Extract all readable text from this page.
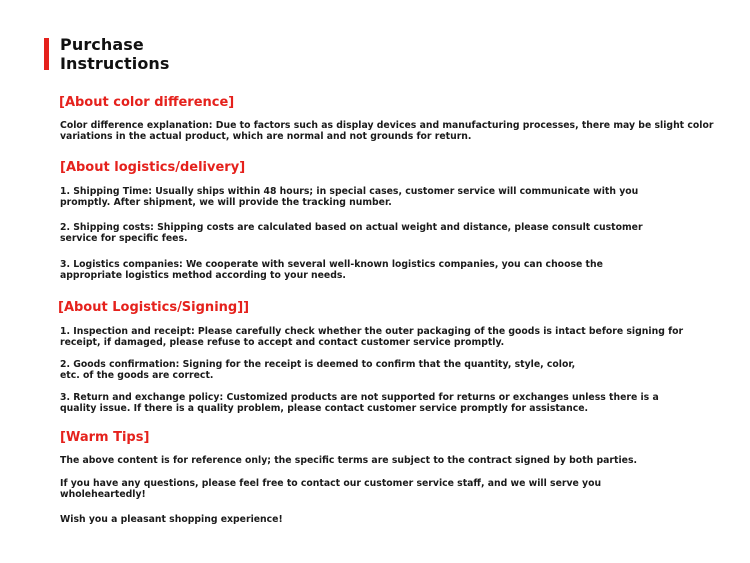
Purchase
Instructions
[About color difference]
Color difference explanation: Due to factors such as display devices and manufacturing processes, there may be slight color
variations in the actual product, which are normal and not grounds for return.
[About logistics/delivery]
1. Shipping Time: Usually ships within 48 hours; in special cases, customer service will communicate with you
promptly. After shipment, we will provide the tracking number.
2. Shipping costs: Shipping costs are calculated based on actual weight and distance, please consult customer
service for specific fees.
3. Logistics companies: We cooperate with several well-known logistics companies, you can choose the
appropriate logistics method according to your needs.
[About Logistics/Signing]]
1. Inspection and receipt: Please carefully check whether the outer packaging of the goods is intact before signing for
receipt, if damaged, please refuse to accept and contact customer service promptly.
2. Goods confirmation: Signing for the receipt is deemed to confirm that the quantity, style, color,
etc. of the goods are correct.
3. Return and exchange policy: Customized products are not supported for returns or exchanges unless there is a
quality issue. If there is a quality problem, please contact customer service promptly for assistance.
[Warm Tips]
The above content is for reference only; the specific terms are subject to the contract signed by both parties.
If you have any questions, please feel free to contact our customer service staff, and we will serve you
wholeheartedly!
Wish you a pleasant shopping experience!
